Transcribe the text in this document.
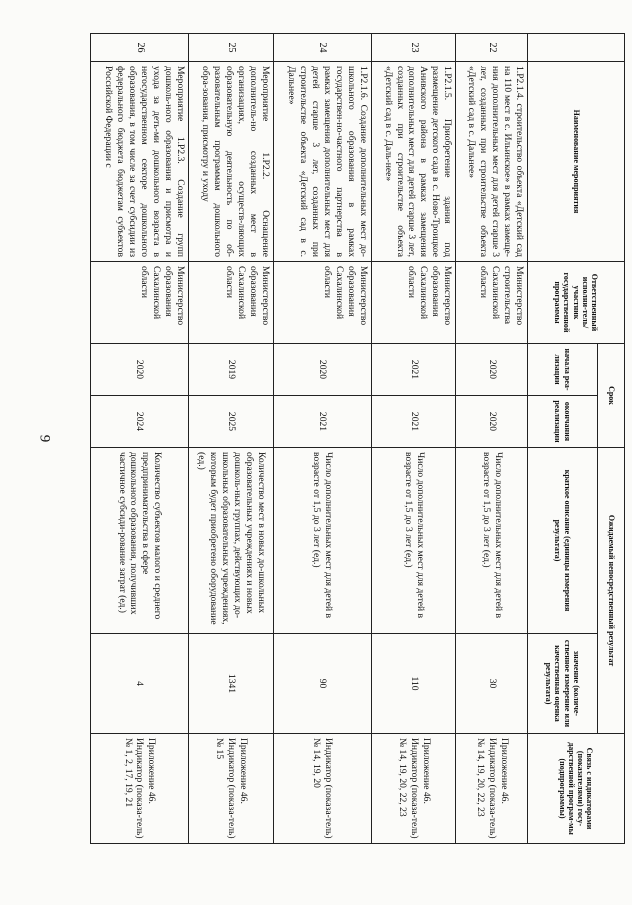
9
	Наименование мероприятия	Ответственный исполни-тель/участник государственной программы	Срок		Ожидаемый непосредственный результат		Связь с индикаторами (показателями) госу-дарственной програм-мы (подпрограммы)
			начала реа-лизации	окончания реализации	краткое описание (единицы измерения результата)	значение (количе-ственное измерение или качественная оценка результата)	
22	1.Р2.1.4. строительство объекта «Детский сад на 110 мест в с. Ильинское» в рамках замеще-ния дополнительных мест для детей старше 3 лет, созданных при строительстве объекта «Детский сад в с. Дальнее»	Министерство строительства Сахалинской области	2020	2020	Число дополнительных мест для детей в возрасте от 1,5 до 3 лет (ед.)	30	Приложение 46. Индикатор (показа-тель) № 14, 19, 20, 22, 23
23	1.Р2.1.5. Приобретение здания под размещение детского сада в с. Ново-Троицкое Анивского района в рамках замещения дополнительных мест для детей старше 3 лет, созданных при строительстве объекта «Детский сад в с. Даль-нее»	Министерство образования Сахалинской области	2021	2021	Число дополнительных мест для детей в возрасте от 1,5 до 3 лет (ед.)	110	Приложение 46. Индикатор (показа-тель) № 14, 19, 20, 22, 23
24	1.Р2.1.6. Создание дополнительных мест до-школьного образования в рамках государствен-но-частного партнерства в рамках замещения дополнительных мест для детей старше 3 лет, созданных при строительстве объекта «Детский сад в с. Дальнее»	Министерство образования Сахалинской области	2020	2021	Число дополнительных мест для детей в возрасте от 1,5 до 3 лет (ед.)	90	Индикатор (показа-тель) № 14, 19, 20
25	Мероприятие 1.Р2.2. Оснащение дополнитель-но созданных мест в организациях, осуществ-ляющих образовательную деятельность по об-разовательным программам дошкольного обра-зования, присмотру и уходу	Министерство образования Сахалинской области	2019	2025	Количество мест в новых до-школьных образовательных учреждениях и новых дошколь-ных группах, действующих до-школьных образовательных учреждениях, которым будет приобретено оборудование (ед.)	1341	Приложение 46. Индикатор (показа-тель) № 15
26	Мероприятие 1.Р2.3. Создание групп дошколь-ного образования и присмотра и ухода за деть-ми дошкольного возраста в негосударственном секторе дошкольного образования, в том числе за счет субсидии из федерального бюджета бюджетам субъектов Российской Федерации с	Министерство образования Сахалинской области	2020	2024	Количество субъектов малого и среднего предпринимательства в сфере дошкольного образования, получивших частичное субсиди-рование затрат (ед.)	4	Приложение 46. Индикатор (показа-тель) № 1, 2, 17, 19, 21
